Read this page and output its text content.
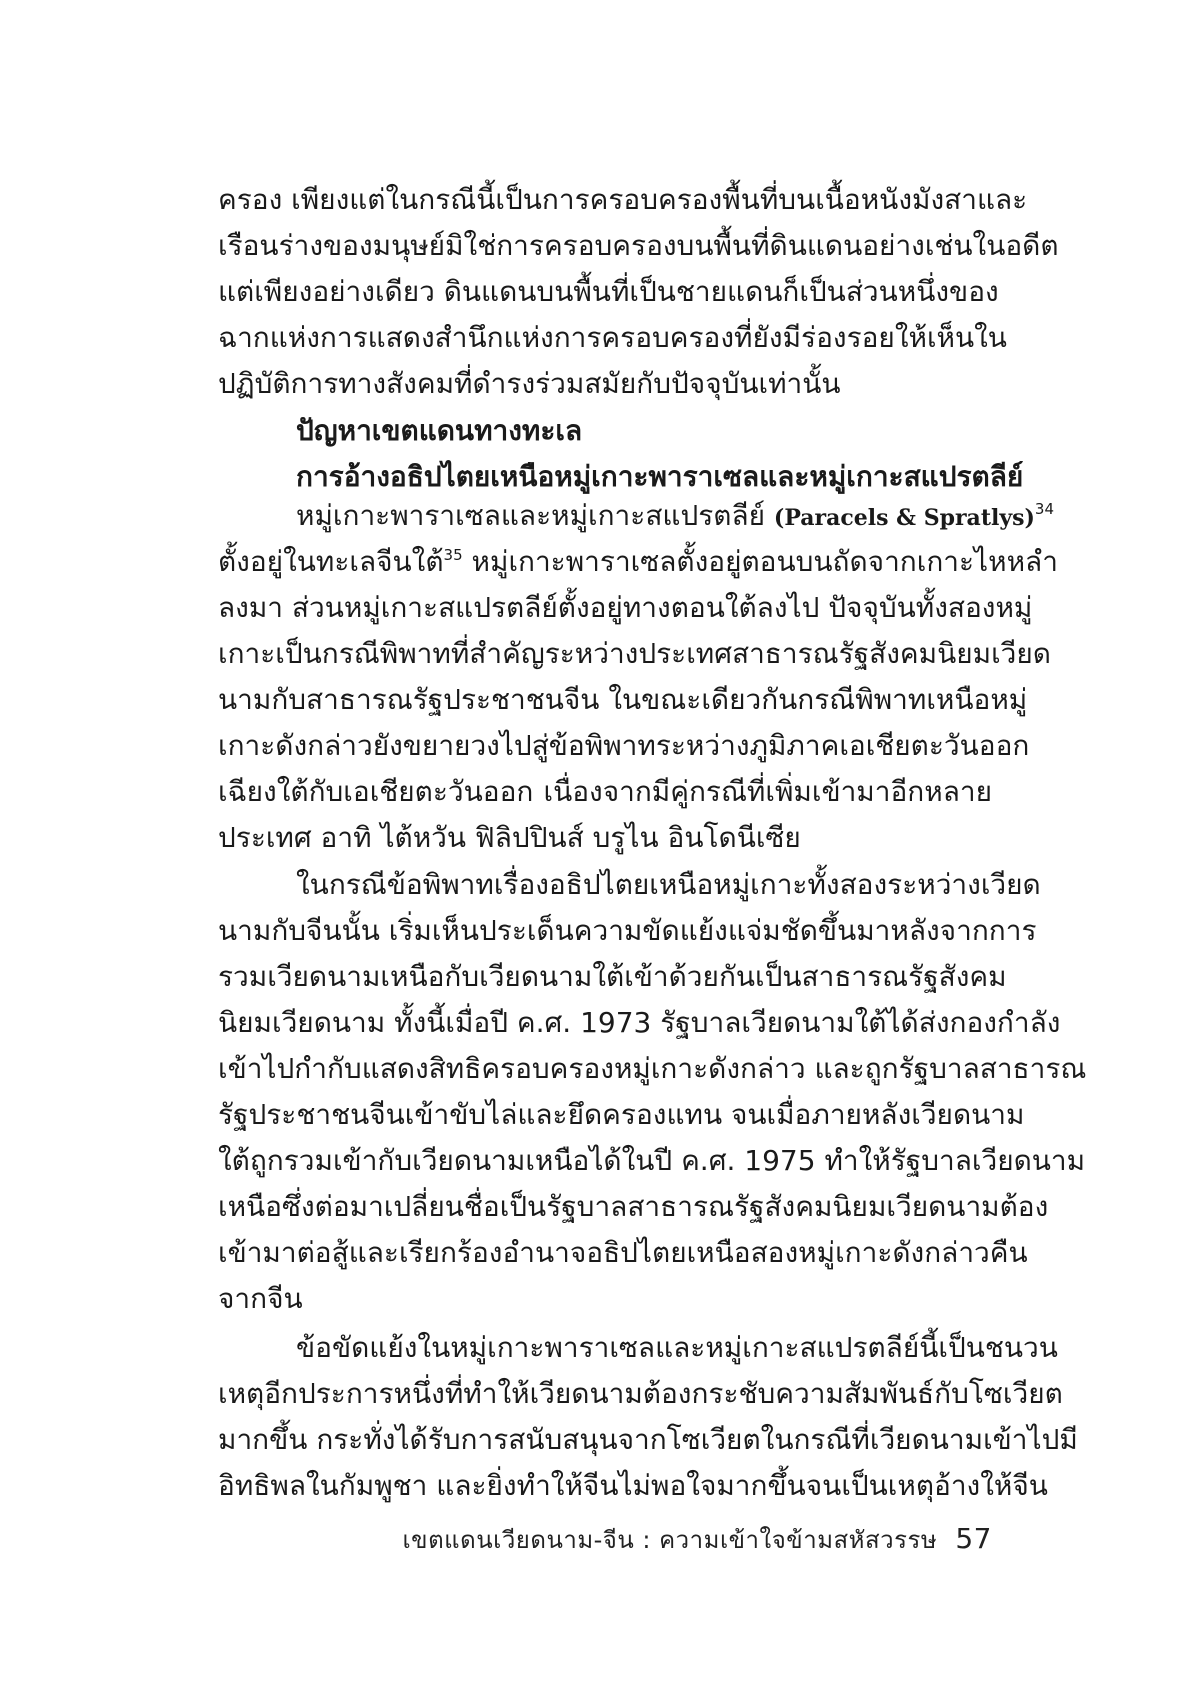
ครอง เพียงแต่ในกรณีนี้เป็นการครอบครองพื้นที่บนเนื้อหนังมังสาและ
เรือนร่างของมนุษย์มิใช่การครอบครองบนพื้นที่ดินแดนอย่างเช่นในอดีต
แต่เพียงอย่างเดียว ดินแดนบนพื้นที่เป็นชายแดนก็เป็นส่วนหนึ่งของ
ฉากแห่งการแสดงสำนึกแห่งการครอบครองที่ยังมีร่องรอยให้เห็นใน
ปฏิบัติการทางสังคมที่ดำรงร่วมสมัยกับปัจจุบันเท่านั้น
ปัญหาเขตแดนทางทะเล
การอ้างอธิปไตยเหนือหมู่เกาะพาราเซลและหมู่เกาะสแปรตลีย์
หมู่เกาะพาราเซลและหมู่เกาะสแปรตลีย์ (Paracels & Spratlys)$^{34}$
ตั้งอยู่ในทะเลจีนใต้$^{35}$ หมู่เกาะพาราเซลตั้งอยู่ตอนบนถัดจากเกาะไหหลำ
ลงมา ส่วนหมู่เกาะสแปรตลีย์ตั้งอยู่ทางตอนใต้ลงไป ปัจจุบันทั้งสองหมู่
เกาะเป็นกรณีพิพาทที่สำคัญระหว่างประเทศสาธารณรัฐสังคมนิยมเวียด
นามกับสาธารณรัฐประชาชนจีน ในขณะเดียวกันกรณีพิพาทเหนือหมู่
เกาะดังกล่าวยังขยายวงไปสู่ข้อพิพาทระหว่างภูมิภาคเอเชียตะวันออก
เฉียงใต้กับเอเชียตะวันออก เนื่องจากมีคู่กรณีที่เพิ่มเข้ามาอีกหลาย
ประเทศ อาทิ ไต้หวัน ฟิลิปปินส์ บรูไน อินโดนีเซีย
ในกรณีข้อพิพาทเรื่องอธิปไตยเหนือหมู่เกาะทั้งสองระหว่างเวียด
นามกับจีนนั้น เริ่มเห็นประเด็นความขัดแย้งแจ่มชัดขึ้นมาหลังจากการ
รวมเวียดนามเหนือกับเวียดนามใต้เข้าด้วยกันเป็นสาธารณรัฐสังคม
นิยมเวียดนาม ทั้งนี้เมื่อปี ค.ศ. 1973 รัฐบาลเวียดนามใต้ได้ส่งกองกำลัง
เข้าไปกำกับแสดงสิทธิครอบครองหมู่เกาะดังกล่าว และถูกรัฐบาลสาธารณ
รัฐประชาชนจีนเข้าขับไล่และยึดครองแทน จนเมื่อภายหลังเวียดนาม
ใต้ถูกรวมเข้ากับเวียดนามเหนือได้ในปี ค.ศ. 1975 ทำให้รัฐบาลเวียดนาม
เหนือซึ่งต่อมาเปลี่ยนชื่อเป็นรัฐบาลสาธารณรัฐสังคมนิยมเวียดนามต้อง
เข้ามาต่อสู้และเรียกร้องอำนาจอธิปไตยเหนือสองหมู่เกาะดังกล่าวคืน
จากจีน
ข้อขัดแย้งในหมู่เกาะพาราเซลและหมู่เกาะสแปรตลีย์นี้เป็นชนวน
เหตุอีกประการหนึ่งที่ทำให้เวียดนามต้องกระชับความสัมพันธ์กับโซเวียต
มากขึ้น กระทั่งได้รับการสนับสนุนจากโซเวียตในกรณีที่เวียดนามเข้าไปมี
อิทธิพลในกัมพูชา และยิ่งทำให้จีนไม่พอใจมากขึ้นจนเป็นเหตุอ้างให้จีน
เขตแดนเวียดนาม-จีน : ความเข้าใจข้ามสหัสวรรษ 57
